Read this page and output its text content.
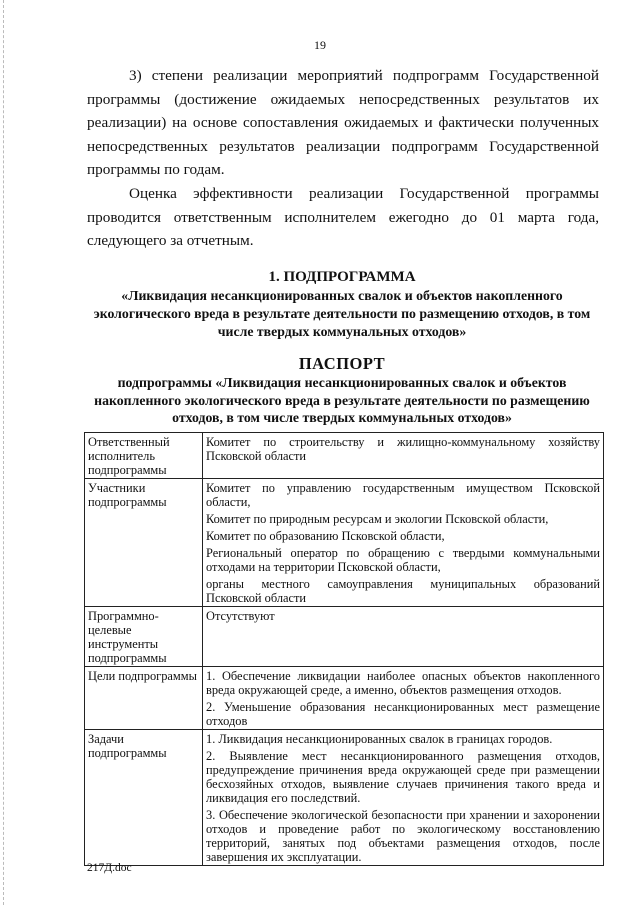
19

3) степени реализации мероприятий подпрограмм Государственной программы (достижение ожидаемых непосредственных результатов их реализации) на основе сопоставления ожидаемых и фактически полученных непосредственных результатов реализации подпрограмм Государственной программы по годам.

Оценка эффективности реализации Государственной программы проводится ответственным исполнителем ежегодно до 01 марта года, следующего за отчетным.

1. ПОДПРОГРАММА
«Ликвидация несанкционированных свалок и объектов накопленного экологического вреда в результате деятельности по размещению отходов, в том числе твердых коммунальных отходов»
ПАСПОРТ
подпрограммы «Ликвидация несанкционированных свалок и объектов накопленного экологического вреда в результате деятельности по размещению отходов, в том числе твердых коммунальных отходов»
Ответственный исполнитель подпрограммы	Комитет по строительству и жилищно-коммунальному хозяйству Псковской области

Участники подпрограммы	Комитет по управлению государственным имуществом Псковской области,
Комитет по природным ресурсам и экологии Псковской области,
Комитет по образованию Псковской области,
Региональный оператор по обращению с твердыми коммунальными отходами на территории Псковской области,
органы местного самоуправления муниципальных образований Псковской области

Программно-целевые инструменты подпрограммы	Отсутствуют

Цели подпрограммы	1. Обеспечение ликвидации наиболее опасных объектов накопленного вреда окружающей среде, а именно, объектов размещения отходов.
2. Уменьшение образования несанкционированных мест размещение отходов

Задачи подпрограммы	1. Ликвидация несанкционированных свалок в границах городов.
2. Выявление мест несанкционированного размещения отходов, предупреждение причинения вреда окружающей среде при размещении бесхозяйных отходов, выявление случаев причинения такого вреда и ликвидация его последствий.
3. Обеспечение экологической безопасности при хранении и захоронении отходов и проведение работ по экологическому восстановлению территорий, занятых под объектами размещения отходов, после завершения их эксплуатации.
217Д.doc
